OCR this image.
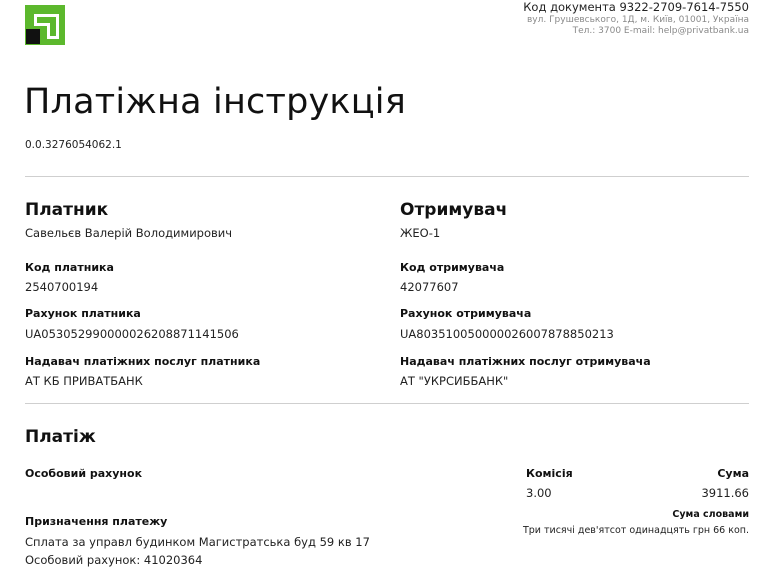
Код документа 9322-2709-7614-7550
вул. Грушевського, 1Д, м. Київ, 01001, Україна
Тел.: 3700 E-mail: help@privatbank.ua
Платіжна інструкція
0.0.3276054062.1
Платник
Савельєв Валерій Володимирович
Код платника
2540700194
Рахунок платника
UA053052990000026208871141506
Надавач платіжних послуг платника
АТ КБ ПРИВАТБАНК
Отримувач
ЖЕО-1
Код отримувача
42077607
Рахунок отримувача
UA803510050000026007878850213
Надавач платіжних послуг отримувача
АТ "УКРСИББАНК"
Платіж
Особовий рахунок	Комісія
3.00
Сума
3911.66
Сума словами
Три тисячі дев'ятсот одинадцять грн 66 коп.
Призначення платежу
Сплата за управл будинком Магистратська буд 59 кв 17
Особовий рахунок: 41020364
